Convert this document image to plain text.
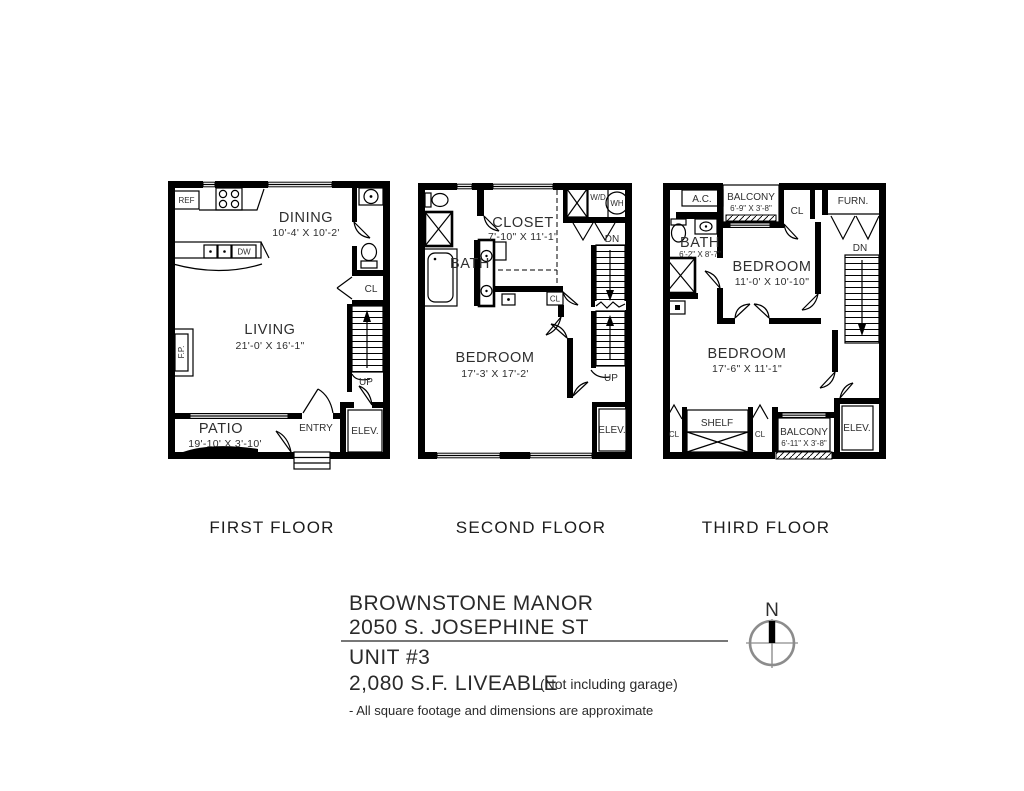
REF
DW
DINING
10'-4' X 10'-2'
CL
LIVING
21'-0' X 16'-1"
F.P.
UP
PATIO
19'-10' X 3'-10'
ENTRY ELEV.
BATH
CLOSET
7'-10" X 11'-1"
W/D
WH
DN
CL
BEDROOM
17'-3' X 17'-2'	UP
ELEV.
A.C. BALCONY
6'-9" X 3'-8" CL
FURN.
BATH
6'-2" X 8'-7"
BEDROOM
11'-0' X 10'-10"
DN
BEDROOM
17'-6" X 11'-1"
CL
SHELF
CL BALCONY
6'-11" X 3'-8"
ELEV.
FIRST FLOOR	SECOND FLOOR	THIRD FLOOR
BROWNSTONE MANOR
2050 S. JOSEPHINE ST
UNIT #3
2,080 S.F. LIVEABLE
(Not including garage)
- All square footage and dimensions are approximate
N
